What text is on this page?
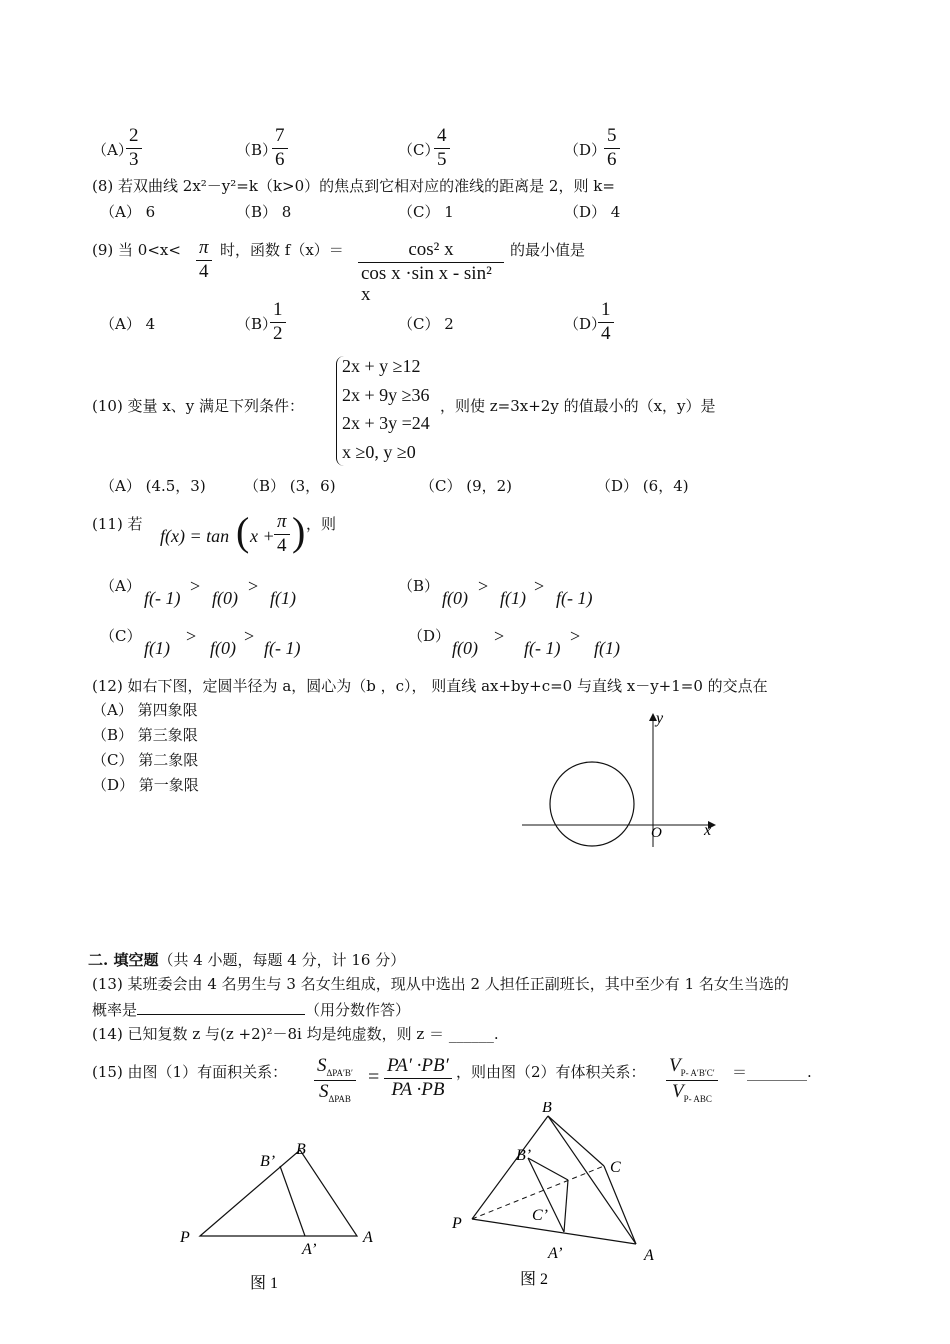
（A）
$\frac{2}{3}$	（B）
$\frac{7}{6}$	（C）
$\frac{4}{5}$	（D）
$\frac{5}{6}$
(8) 若双曲线 2x²－y²=k（k>0）的焦点到它相对应的准线的距离是 2，则 k=
（A） 6	（B） 8	（C） 1	（D） 4
(9) 当 $0<x< \frac{\pi}{4}$ 时，函数 $f(x)= \frac{\text{cos² x}}{\text{cos x ·sin x - sin² x}}$ 的最小值是
（A） 4	（B）
$\frac{1}{2}$	（C） 2	（D）
$\frac{1}{4}$
(10) 变量 x、y 满足下列条件：
2x + y ≥12
2x + 9y ≥36
2x + 3y =24
x ≥0, y ≥0
，则使 z=3x+2y 的值最小的（x，y）是
（A） (4.5，3)	（B） (3，6)	（C） (9，2)	（D） (6，4)
(11) 若
f(x) = tan ( $x + \frac{\pi}{4}$ ) ，则
（A）
f(- 1)
>
f(0)
>
f(1)
（B）
f(0)
>
f(1)
>
f(- 1)
（C）
f(1)
>
f(0)
>
f(- 1)
（D）
f(0)
>
f(- 1)
>
f(1)
(12) 如右下图，定圆半径为 a，圆心为（b ，c）， 则直线 ax+by+c=0 与直线 x－y+1=0 的交点在
（A） 第四象限
（B） 第三象限
（C） 第二象限
（D） 第一象限
y
x
O
二. 填空题（共 4 小题，每题 4 分，计 16 分）
(13) 某班委会由 4 名男生与 3 名女生组成，现从中选出 2 人担任正副班长，其中至少有 1 名女生当选的
概率是	（用分数作答）
(14) 已知复数 z 与(z +2)²－8i 均是纯虚数，则 z ＝ ______.
(15) 由图（1）有面积关系： $S_{\Delta PA'B'}$
$S_{\Delta PAB}$
= $\frac{PA' \cdot PB'}{PA \cdot PB}$ ，则由图（2）有体积关系： $V_{P- A'B'C'}$
$V_{P- ABC}$
＝________.
B
B’
P	A
A’
图 1
B
B’
C
C’
P
A
A’
图 2
